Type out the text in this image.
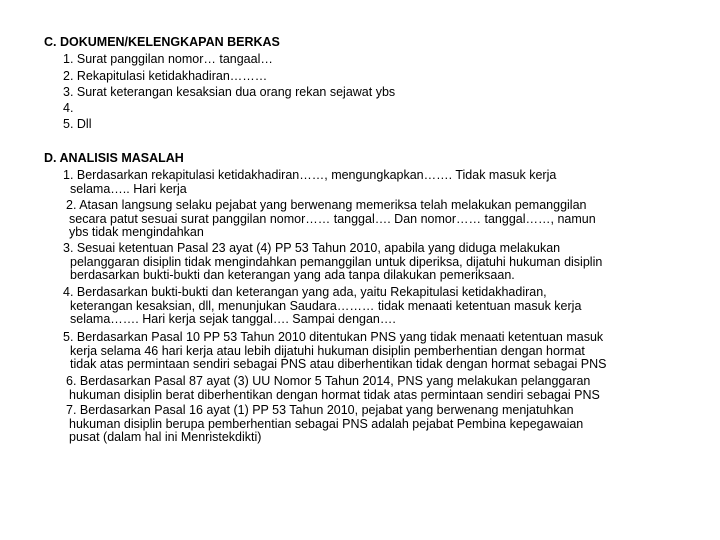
C. DOKUMEN/KELENGKAPAN BERKAS
1. Surat panggilan nomor… tangaal…
2. Rekapitulasi ketidakhadiran………
3. Surat keterangan kesaksian dua orang rekan sejawat ybs
4.
5. Dll
D. ANALISIS MASALAH
1. Berdasarkan rekapitulasi ketidakhadiran……, mengungkapkan……. Tidak masuk kerja
selama….. Hari kerja
2. Atasan langsung selaku pejabat yang berwenang memeriksa telah melakukan pemanggilan
secara patut sesuai surat panggilan nomor…… tanggal…. Dan nomor…… tanggal……, namun
ybs tidak mengindahkan
3. Sesuai ketentuan Pasal 23 ayat (4) PP 53 Tahun 2010, apabila yang diduga melakukan
pelanggaran disiplin tidak mengindahkan pemanggilan untuk diperiksa, dijatuhi hukuman disiplin
berdasarkan bukti-bukti dan keterangan yang ada tanpa dilakukan pemeriksaan.
4. Berdasarkan bukti-bukti dan keterangan yang ada, yaitu Rekapitulasi ketidakhadiran,
keterangan kesaksian, dll, menunjukan Saudara……… tidak menaati ketentuan masuk kerja
selama……. Hari kerja sejak tanggal…. Sampai dengan….
5. Berdasarkan Pasal 10 PP 53 Tahun 2010 ditentukan PNS yang tidak menaati ketentuan masuk
kerja selama 46 hari kerja atau lebih dijatuhi hukuman disiplin pemberhentian dengan hormat
tidak atas permintaan sendiri sebagai PNS atau diberhentikan tidak dengan hormat sebagai PNS
6. Berdasarkan Pasal 87 ayat (3) UU Nomor 5 Tahun 2014, PNS yang melakukan pelanggaran
hukuman disiplin berat diberhentikan dengan hormat tidak atas permintaan sendiri sebagai PNS
7. Berdasarkan Pasal 16 ayat (1) PP 53 Tahun 2010, pejabat yang berwenang menjatuhkan
hukuman disiplin berupa pemberhentian sebagai PNS adalah pejabat Pembina kepegawaian
pusat (dalam hal ini Menristekdikti)
